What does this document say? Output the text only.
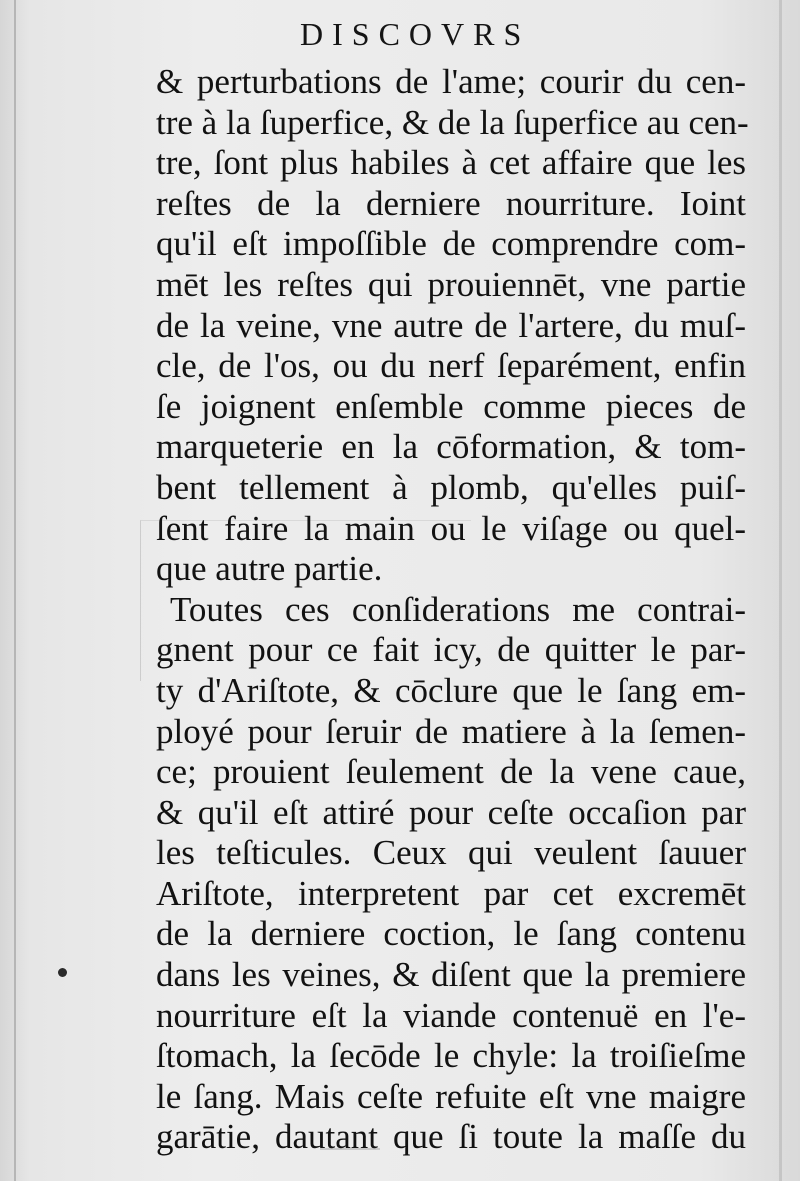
DISCOVRS
& perturbations de l'ame; courir du cen-
tre à la ſuperfice, & de la ſuperfice au cen-
tre, ſont plus habiles à cet affaire que les
reſtes de la derniere nourriture. Ioint
qu'il eſt impoſſible de comprendre com-
mēt les reſtes qui prouiennēt, vne partie
de la veine, vne autre de l'artere, du muſ-
cle, de l'os, ou du nerf ſeparément, enfin
ſe joignent enſemble comme pieces de
marqueterie en la cōformation, & tom-
bent tellement à plomb, qu'elles puiſ-
ſent faire la main ou le viſage ou quel-
que autre partie.
Toutes ces conſiderations me contrai-
gnent pour ce fait icy, de quitter le par-
ty d'Ariſtote, & cōclure que le ſang em-
ployé pour ſeruir de matiere à la ſemen-
ce; prouient ſeulement de la vene caue,
& qu'il eſt attiré pour ceſte occaſion par
les teſticules. Ceux qui veulent ſauuer
Ariſtote, interpretent par cet excremēt
de la derniere coction, le ſang contenu
dans les veines, & diſent que la premiere
nourriture eſt la viande contenuë en l'e-
ſtomach, la ſecōde le chyle: la troiſieſme
le ſang. Mais ceſte refuite eſt vne maigre
garātie, dautant que ſi toute la maſſe du
